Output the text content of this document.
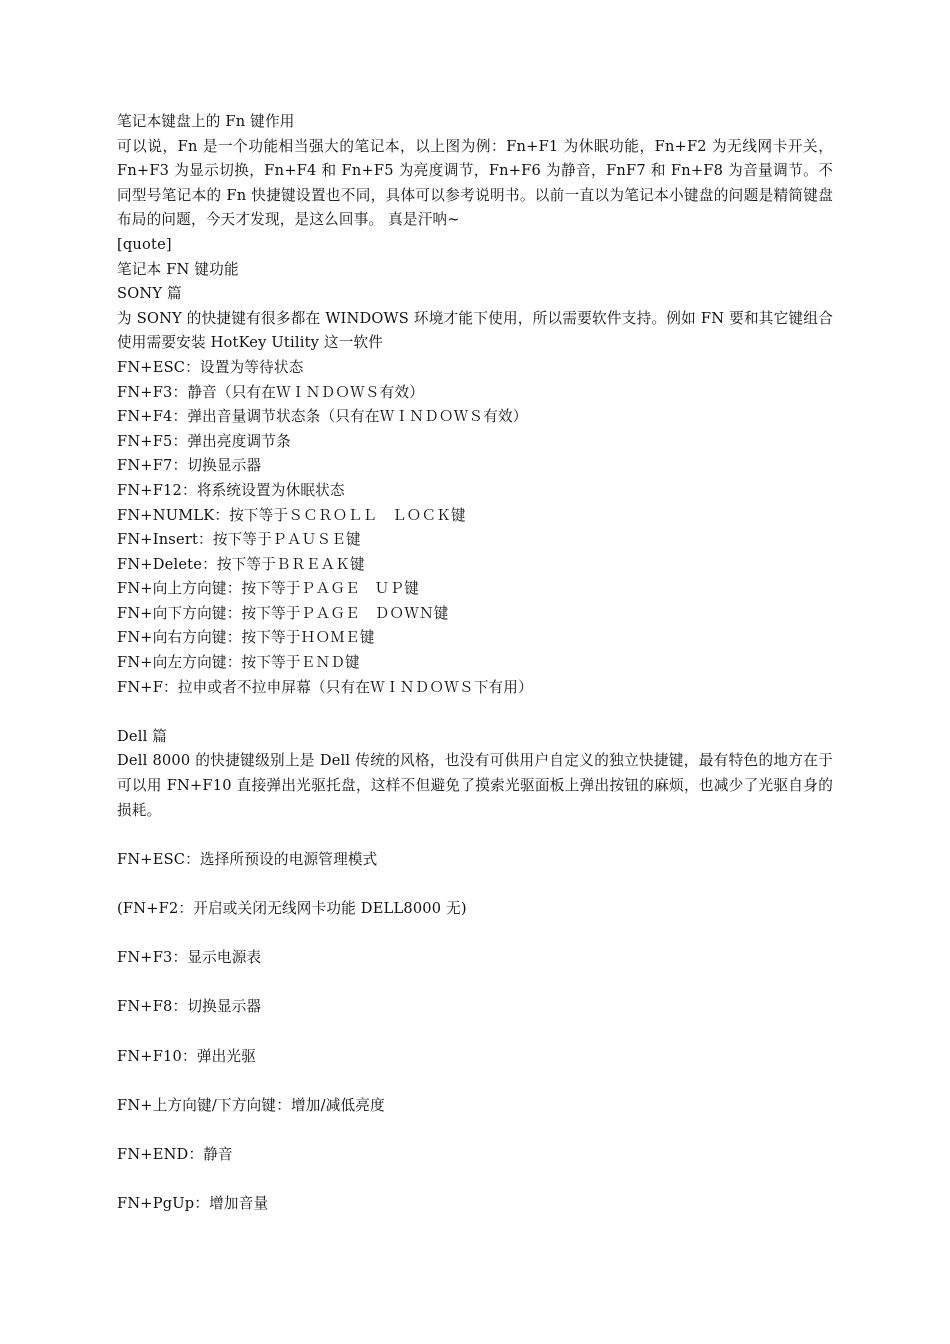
笔记本键盘上的 Fn 键作用
可以说，Fn 是一个功能相当强大的笔记本，以上图为例：Fn+F1 为休眠功能，Fn+F2 为无线网卡开关，Fn+F3 为显示切换，Fn+F4 和 Fn+F5 为亮度调节，Fn+F6 为静音，FnF7 和 Fn+F8 为音量调节。不同型号笔记本的 Fn 快捷键设置也不同，具体可以参考说明书。以前一直以为笔记本小键盘的问题是精简键盘布局的问题，今天才发现，是这么回事。 真是汗呐~
[quote]
笔记本 FN 键功能
SONY 篇
为 SONY 的快捷键有很多都在 WINDOWS 环境才能下使用，所以需要软件支持。例如 FN 要和其它键组合使用需要安装 HotKey Utility 这一软件
FN+ESC：设置为等待状态
FN+F3：静音（只有在ＷＩＮＤＯＷＳ有效）
FN+F4：弹出音量调节状态条（只有在ＷＩＮＤＯＷＳ有效）
FN+F5：弹出亮度调节条
FN+F7：切换显示器
FN+F12：将系统设置为休眠状态
FN+NUMLK：按下等于ＳＣＲＯＬＬ　ＬＯＣＫ键
FN+Insert：按下等于ＰＡＵＳＥ键
FN+Delete：按下等于ＢＲＥＡＫ键
FN+向上方向键：按下等于ＰＡＧＥ　ＵＰ键
FN+向下方向键：按下等于ＰＡＧＥ　ＤＯＷＮ键
FN+向右方向键：按下等于ＨＯＭＥ键
FN+向左方向键：按下等于ＥＮＤ键
FN+F：拉申或者不拉申屏幕（只有在ＷＩＮＤＯＷＳ下有用）
Dell 篇
Dell 8000 的快捷键级别上是 Dell 传统的风格，也没有可供用户自定义的独立快捷键，最有特色的地方在于可以用 FN+F10 直接弹出光驱托盘，这样不但避免了摸索光驱面板上弹出按钮的麻烦，也减少了光驱自身的损耗。
FN+ESC：选择所预设的电源管理模式
(FN+F2：开启或关闭无线网卡功能 DELL8000 无)
FN+F3：显示电源表
FN+F8：切换显示器
FN+F10：弹出光驱
FN+上方向键/下方向键：增加/减低亮度
FN+END：静音
FN+PgUp：增加音量
